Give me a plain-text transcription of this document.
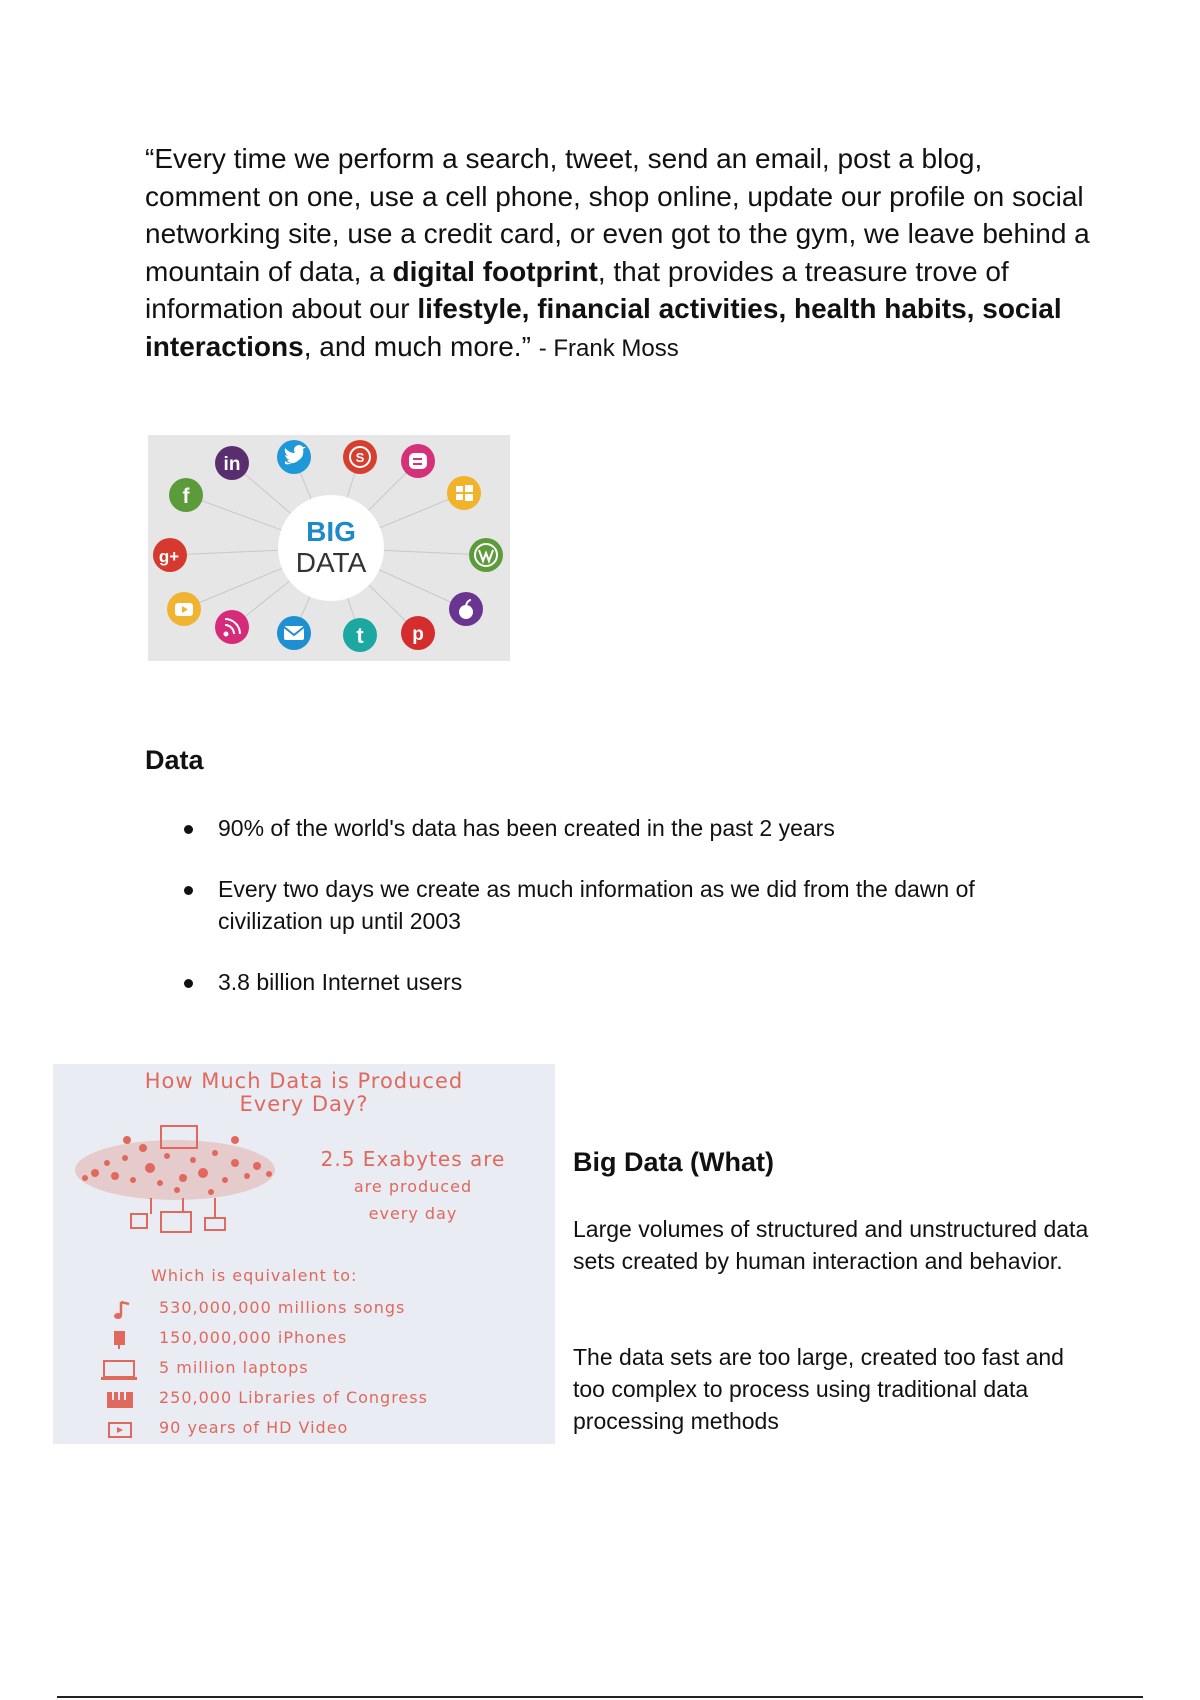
“Every time we perform a search, tweet, send an email, post a blog, comment on one, use a cell phone, shop online, update our profile on social networking site, use a credit card, or even got to the gym, we leave behind a mountain of data, a digital footprint, that provides a treasure trove of information about our lifestyle, financial activities, health habits, social interactions, and much more.” - Frank Moss
BIG
DATA
in	S
p
t
g+
f
Data
90% of the world's data has been created in the past 2 years
Every two days we create as much information as we did from the dawn of civilization up until 2003
3.8 billion Internet users
How Much Data is Produced
Every Day?
2.5 Exabytes are
are produced
every day
Which is equivalent to:
530,000,000 millions songs
150,000,000 iPhones
5 million laptops
250,000 Libraries of Congress
90 years of HD Video
Big Data (What)
Large volumes of structured and unstructured data sets created by human interaction and behavior.
The data sets are too large, created too fast and too complex to process using traditional data processing methods
